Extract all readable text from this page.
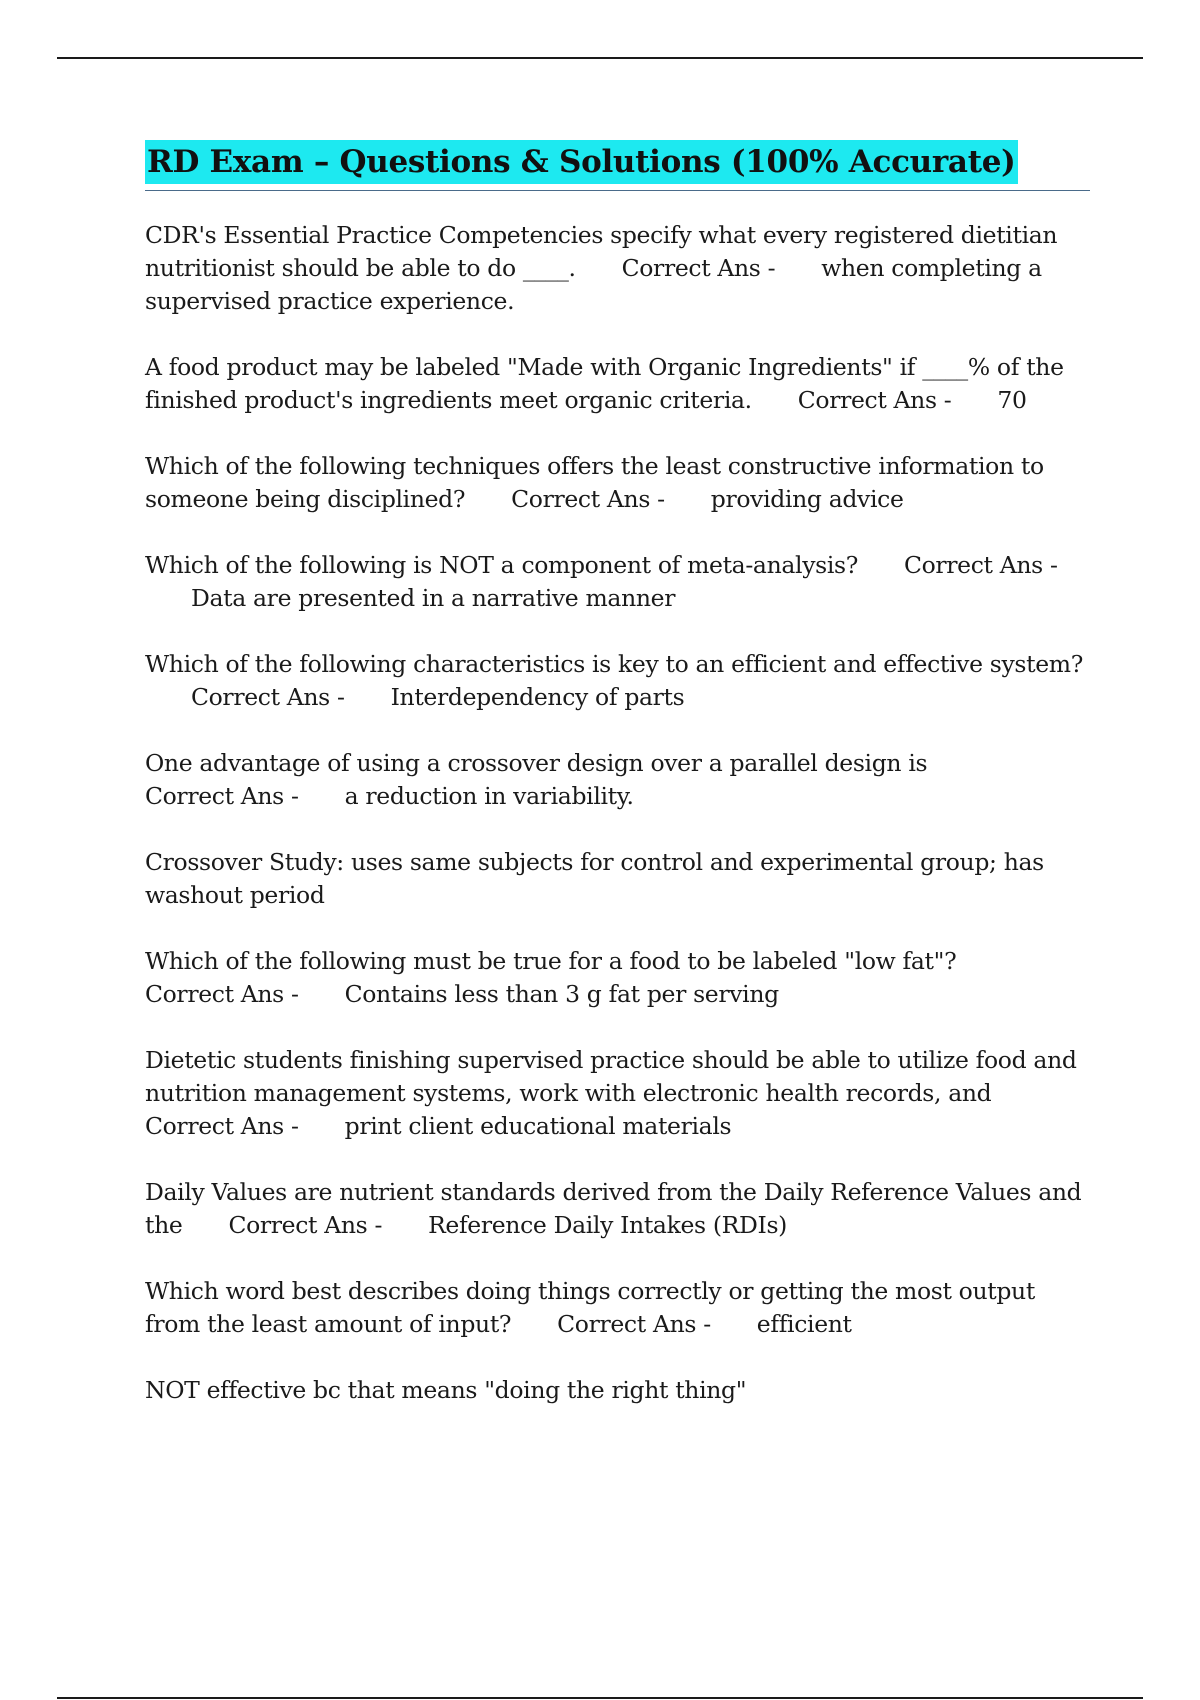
RD Exam – Questions & Solutions (100% Accurate)

CDR's Essential Practice Competencies specify what every registered dietitian nutritionist should be able to do ____. Correct Ans - when completing a supervised practice experience.

A food product may be labeled "Made with Organic Ingredients" if ____% of the finished product's ingredients meet organic criteria. Correct Ans - 70

Which of the following techniques offers the least constructive information to someone being disciplined? Correct Ans - providing advice

Which of the following is NOT a component of meta-analysis? Correct Ans -Data are presented in a narrative manner

Which of the following characteristics is key to an efficient and effective system?Correct Ans - Interdependency of parts

One advantage of using a crossover design over a parallel design isCorrect Ans - a reduction in variability.

Crossover Study: uses same subjects for control and experimental group; has washout period

Which of the following must be true for a food to be labeled "low fat"?Correct Ans - Contains less than 3 g fat per serving

Dietetic students finishing supervised practice should be able to utilize food and nutrition management systems, work with electronic health records, andCorrect Ans - print client educational materials

Daily Values are nutrient standards derived from the Daily Reference Values and the Correct Ans - Reference Daily Intakes (RDIs)

Which word best describes doing things correctly or getting the most output from the least amount of input? Correct Ans - efficient

NOT effective bc that means "doing the right thing"
